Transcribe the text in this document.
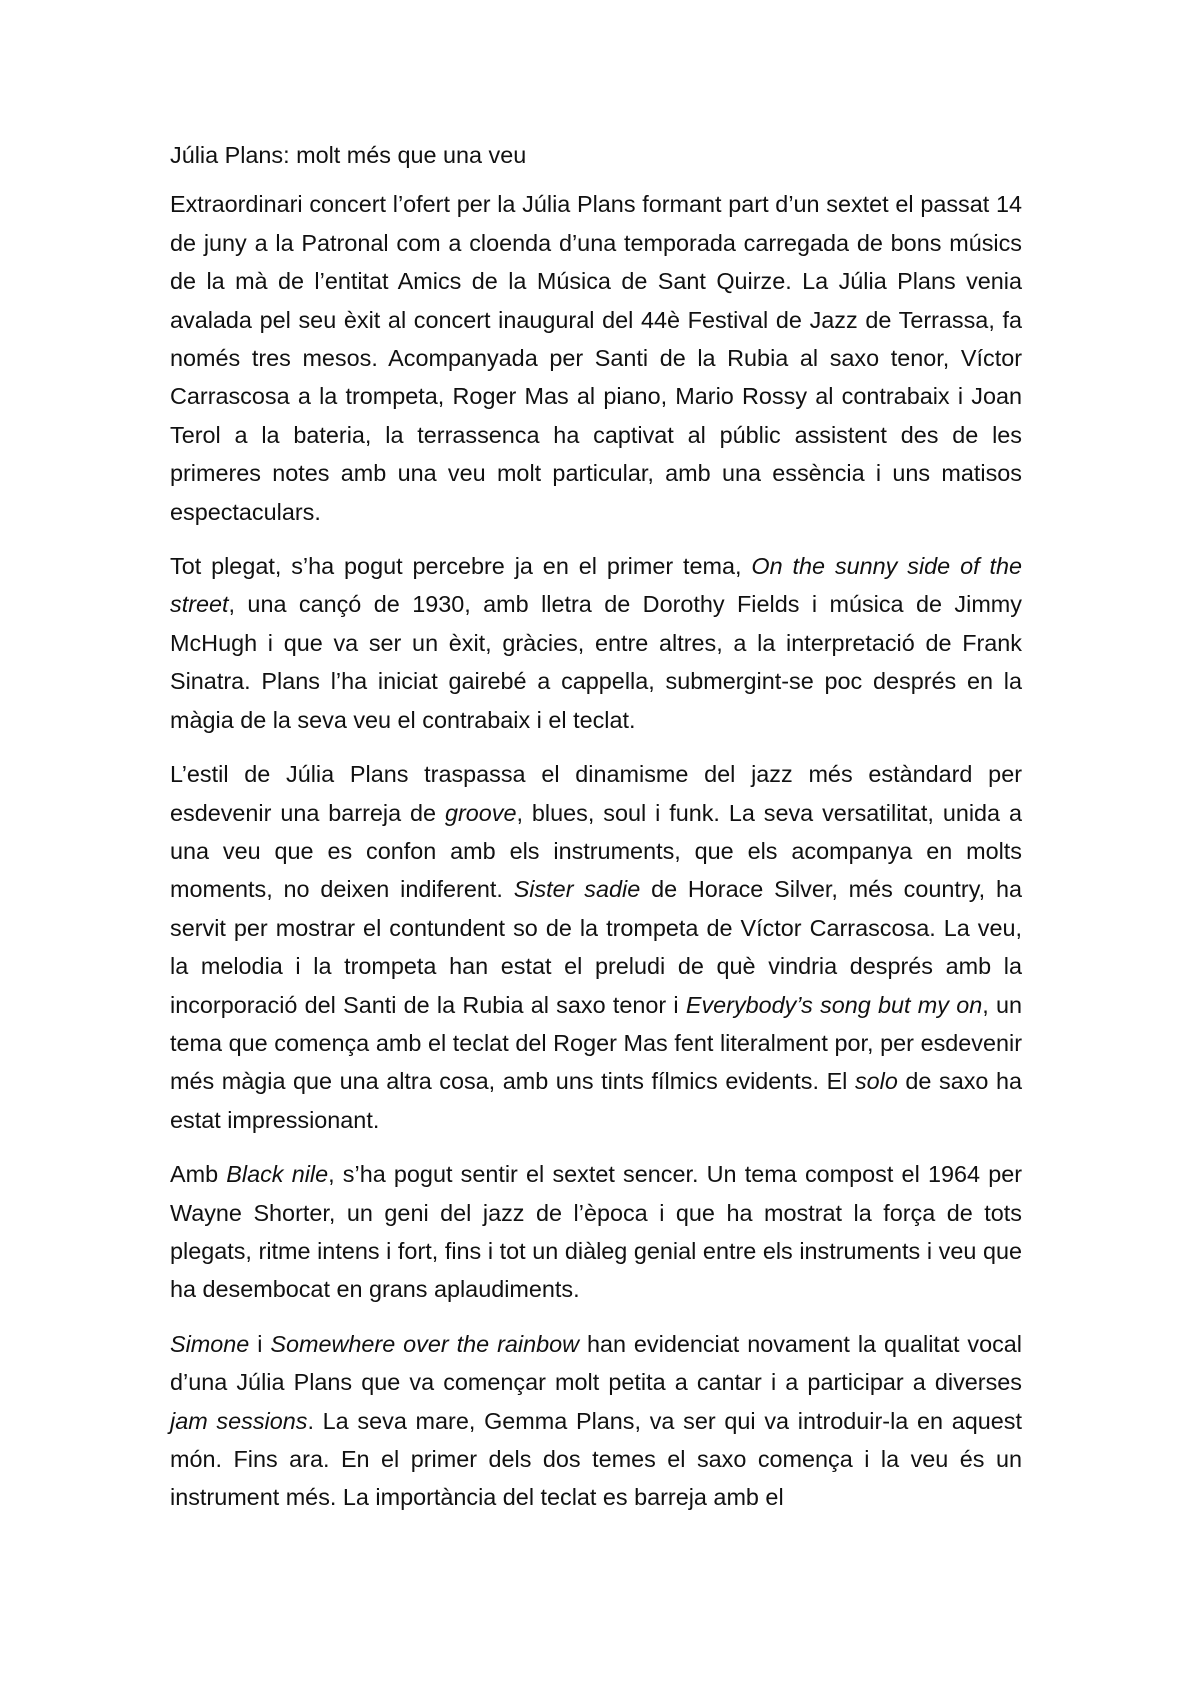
Júlia Plans: molt més que una veu

Extraordinari concert l’ofert per la Júlia Plans formant part d’un sextet el passat 14 de juny a la Patronal com a cloenda d’una temporada carregada de bons músics de la mà de l’entitat Amics de la Música de Sant Quirze. La Júlia Plans venia avalada pel seu èxit al concert inaugural del 44è Festival de Jazz de Terrassa, fa només tres mesos. Acompanyada per Santi de la Rubia al saxo tenor, Víctor Carrascosa a la trompeta, Roger Mas al piano, Mario Rossy al contrabaix i Joan Terol a la bateria, la terrassenca ha captivat al públic assistent des de les primeres notes amb una veu molt particular, amb una essència i uns matisos espectaculars.

Tot plegat, s’ha pogut percebre ja en el primer tema, On the sunny side of the street, una cançó de 1930, amb lletra de Dorothy Fields i música de Jimmy McHugh i que va ser un èxit, gràcies, entre altres, a la interpretació de Frank Sinatra. Plans l’ha iniciat gairebé a cappella, submergint-se poc després en la màgia de la seva veu el contrabaix i el teclat.

L’estil de Júlia Plans traspassa el dinamisme del jazz més estàndard per esdevenir una barreja de groove, blues, soul i funk. La seva versatilitat, unida a una veu que es confon amb els instruments, que els acompanya en molts moments, no deixen indiferent. Sister sadie de Horace Silver, més country, ha servit per mostrar el contundent so de la trompeta de Víctor Carrascosa. La veu, la melodia i la trompeta han estat el preludi de què vindria després amb la incorporació del Santi de la Rubia al saxo tenor i Everybody’s song but my on, un tema que comença amb el teclat del Roger Mas fent literalment por, per esdevenir més màgia que una altra cosa, amb uns tints fílmics evidents. El solo de saxo ha estat impressionant.

Amb Black nile, s’ha pogut sentir el sextet sencer. Un tema compost el 1964 per Wayne Shorter, un geni del jazz de l’època i que ha mostrat la força de tots plegats, ritme intens i fort, fins i tot un diàleg genial entre els instruments i veu que ha desembocat en grans aplaudiments.

Simone i Somewhere over the rainbow han evidenciat novament la qualitat vocal d’una Júlia Plans que va començar molt petita a cantar i a participar a diverses jam sessions. La seva mare, Gemma Plans, va ser qui va introduir-la en aquest món. Fins ara. En el primer dels dos temes el saxo comença i la veu és un instrument més. La importància del teclat es barreja amb el
